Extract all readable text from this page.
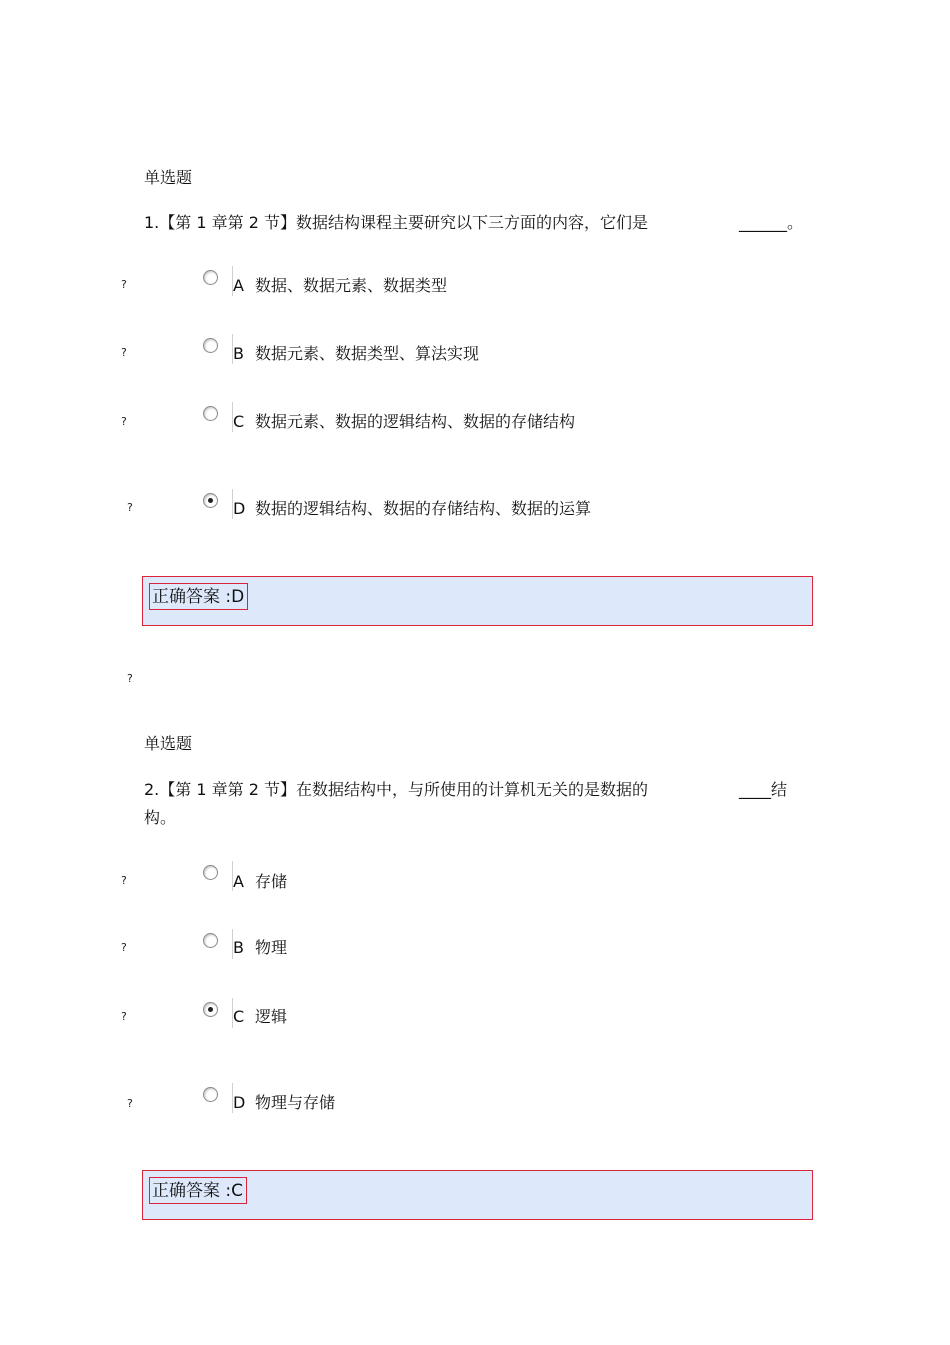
单选题
1.【第 1 章第 2 节】数据结构课程主要研究以下三方面的内容，它们是	______。
?	A 数据、数据元素、数据类型
?	B 数据元素、数据类型、算法实现
?	C 数据元素、数据的逻辑结构、数据的存储结构
?	D 数据的逻辑结构、数据的存储结构、数据的运算
正确答案 :D
?
单选题
2.【第 1 章第 2 节】在数据结构中，与所使用的计算机无关的是数据的	____结
构。
?	A 存储
?	B 物理
?	C 逻辑
?	D 物理与存储
正确答案 :C
